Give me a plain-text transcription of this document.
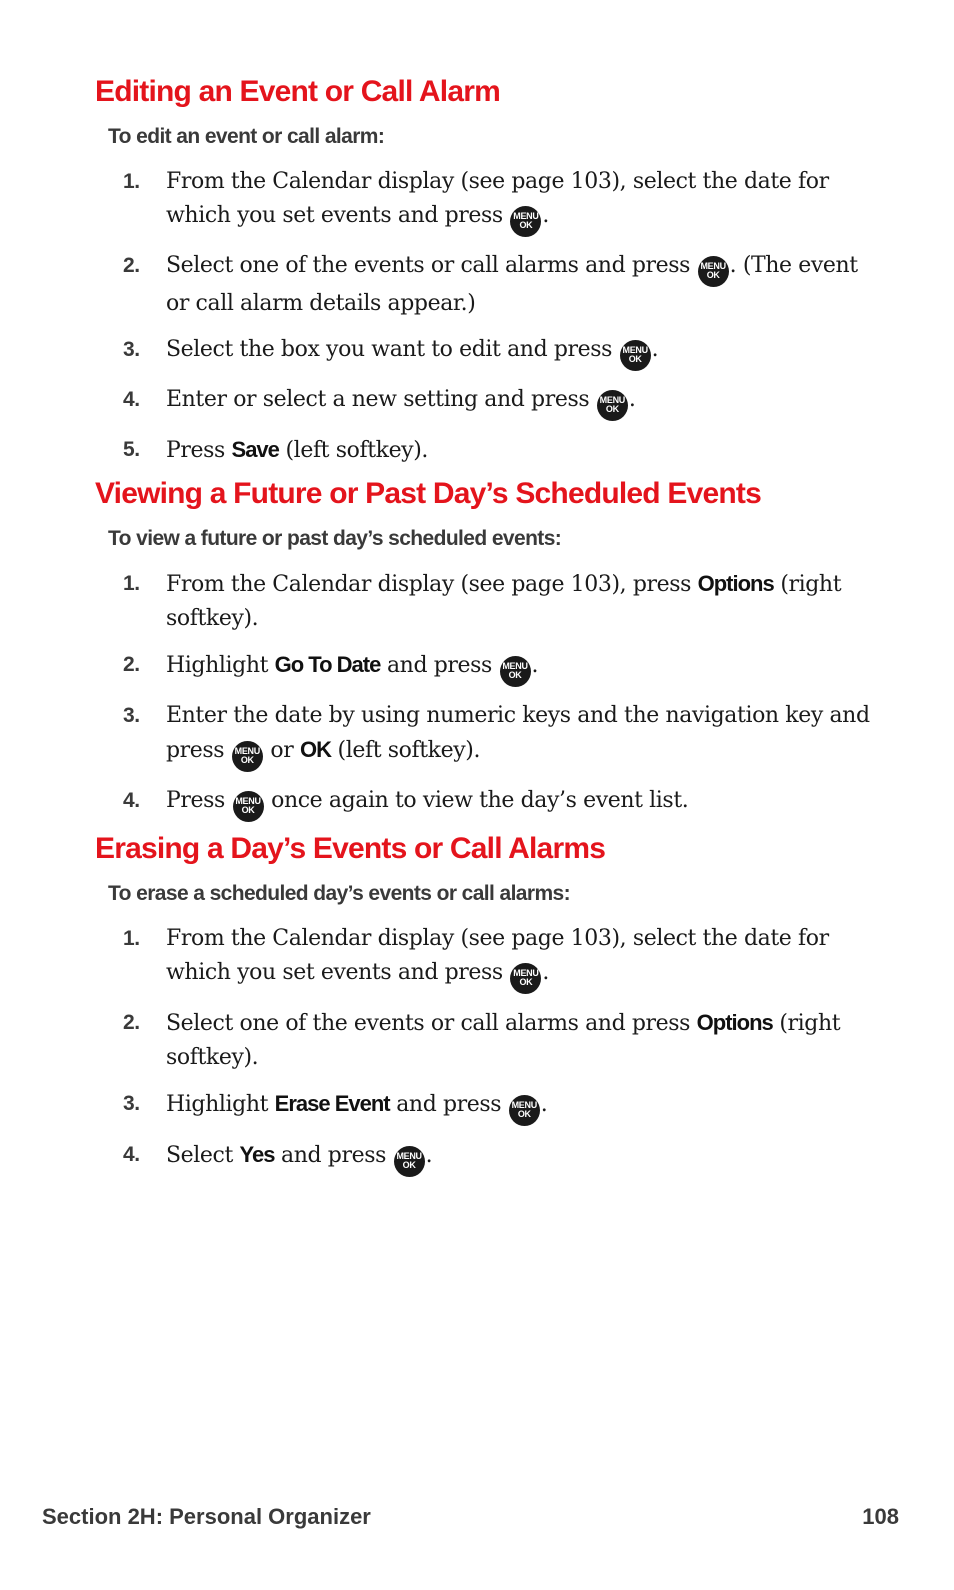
Editing an Event or Call Alarm
To edit an event or call alarm:
1. From the Calendar display (see page 103), select the date for which you set events and press	MENU
OK .
2. Select one of the events or call alarms and press	MENU
OK . (The event or call alarm details appear.)
3. Select the box you want to edit and press	MENU
OK .
4. Enter or select a new setting and press	MENU
OK .
5. Press Save (left softkey).
Viewing a Future or Past Day’s Scheduled Events
To view a future or past day’s scheduled events:
1. From the Calendar display (see page 103), press Options (right softkey).
2. Highlight Go To Date and press	MENU
OK .
3. Enter the date by using numeric keys and the navigation key and press	MENU
OK or OK (left softkey).
4. Press	MENU
OK once again to view the day’s event list.
Erasing a Day’s Events or Call Alarms
To erase a scheduled day’s events or call alarms:
1. From the Calendar display (see page 103), select the date for which you set events and press	MENU
OK .
2. Select one of the events or call alarms and press Options (right softkey).
3. Highlight Erase Event and press	MENU
OK .
4. Select Yes and press	MENU
OK .
Section 2H: Personal Organizer	108
